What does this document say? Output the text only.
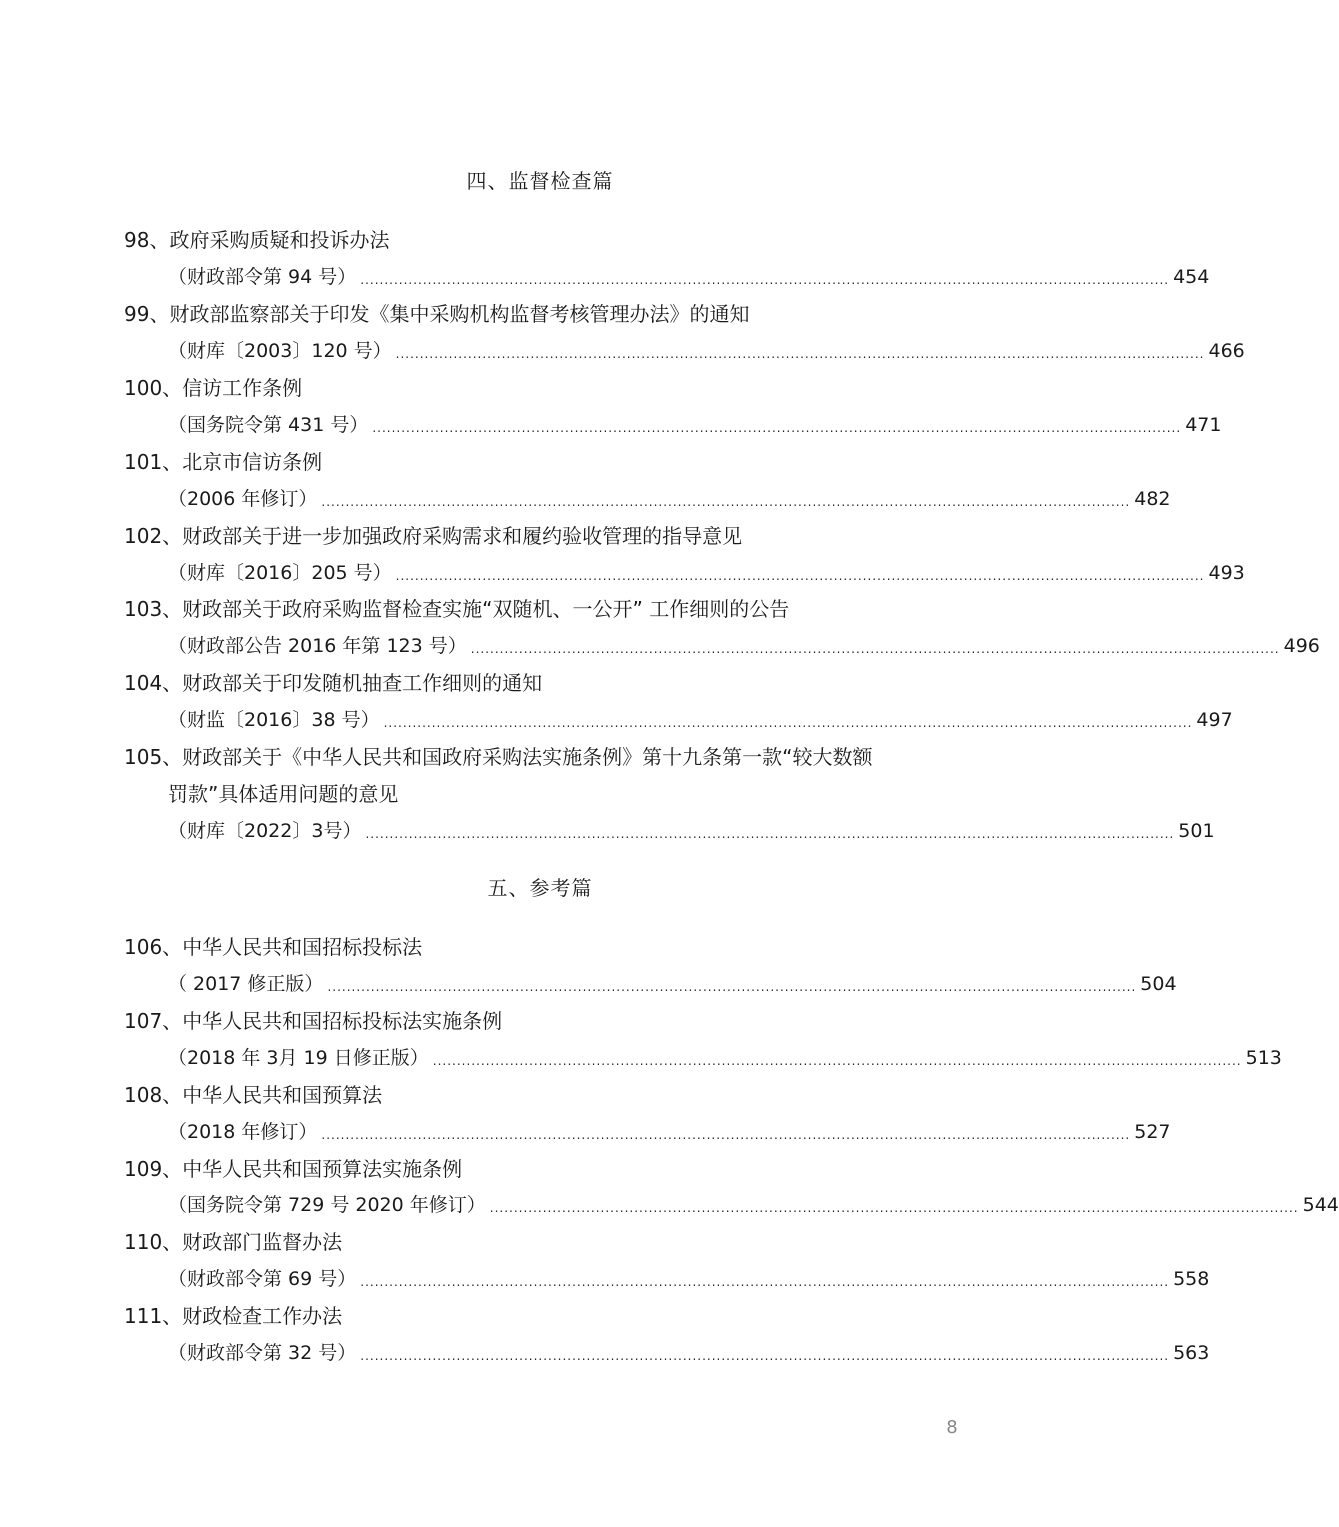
四、监督检查篇
98、政府采购质疑和投诉办法
（财政部令第 94 号） ........................................................................................................................................................................ 454
99、财政部监察部关于印发《集中采购机构监督考核管理办法》的通知
（财库〔2003〕120 号） ........................................................................................................................................................................ 466
100、信访工作条例
（国务院令第 431 号） ........................................................................................................................................................................ 471
101、北京市信访条例
（2006 年修订） ........................................................................................................................................................................ 482
102、财政部关于进一步加强政府采购需求和履约验收管理的指导意见
（财库〔2016〕205 号） ........................................................................................................................................................................ 493
103、财政部关于政府采购监督检查实施“双随机、一公开” 工作细则的公告
（财政部公告 2016 年第 123 号） ........................................................................................................................................................................ 496
104、财政部关于印发随机抽查工作细则的通知
（财监〔2016〕38 号） ........................................................................................................................................................................ 497
105、财政部关于《中华人民共和国政府采购法实施条例》第十九条第一款“较大数额
罚款”具体适用问题的意见
（财库〔2022〕3号） ........................................................................................................................................................................ 501
五、参考篇
106、中华人民共和国招标投标法
（ 2017 修正版） ........................................................................................................................................................................ 504
107、中华人民共和国招标投标法实施条例
（2018 年 3月 19 日修正版） ........................................................................................................................................................................ 513
108、中华人民共和国预算法
（2018 年修订） ........................................................................................................................................................................ 527
109、中华人民共和国预算法实施条例
（国务院令第 729 号 2020 年修订） ........................................................................................................................................................................ 544
110、财政部门监督办法
（财政部令第 69 号） ........................................................................................................................................................................ 558
111、财政检查工作办法
（财政部令第 32 号） ........................................................................................................................................................................ 563
8
